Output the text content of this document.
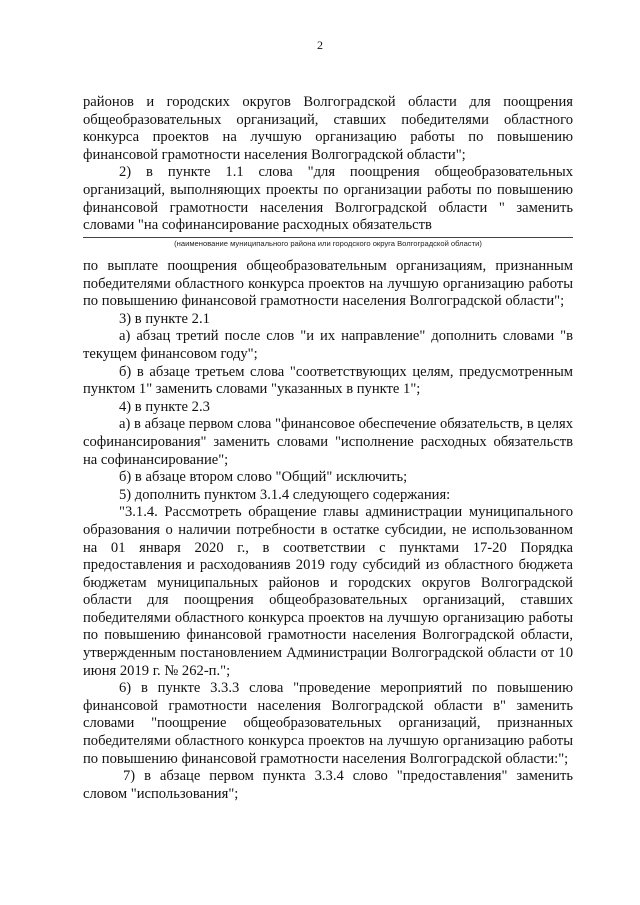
2

районов и городских округов Волгоградской области для поощрения общеобразовательных организаций, ставших победителями областного конкурса проектов на лучшую организацию работы по повышению финансовой грамотности населения Волгоградской области";

2) в пункте 1.1 слова "для поощрения общеобразовательных организаций, выполняющих проекты по организации работы по повышению финансовой грамотности населения Волгоградской области " заменить словами "на софинансирование расходных обязательств

(наименование муниципального района или городского округа Волгоградской области)

по выплате поощрения общеобразовательным организациям, признанным победителями областного конкурса проектов на лучшую организацию работы по повышению финансовой грамотности населения Волгоградской области";

3) в пункте 2.1

а) абзац третий после слов "и их направление" дополнить словами "в текущем финансовом году";

б) в абзаце третьем слова "соответствующих целям, предусмотренным пунктом 1" заменить словами "указанных в пункте 1";

4) в пункте 2.3

а) в абзаце первом слова "финансовое обеспечение обязательств, в целях софинансирования" заменить словами "исполнение расходных обязательств на софинансирование";

б) в абзаце втором слово "Общий" исключить;

5) дополнить пунктом 3.1.4 следующего содержания:

"3.1.4. Рассмотреть обращение главы администрации муниципального образования о наличии потребности в остатке субсидии, не использованном на 01 января 2020 г., в соответствии с пунктами 17-20 Порядка предоставления и расходованияв 2019 году субсидий из областного бюджета бюджетам муниципальных районов и городских округов Волгоградской области для поощрения общеобразовательных организаций, ставших победителями областного конкурса проектов на лучшую организацию работы по повышению финансовой грамотности населения Волгоградской области, утвержденным постановлением Администрации Волгоградской области от 10 июня 2019 г. № 262-п.";

6) в пункте 3.3.3 слова "проведение мероприятий по повышению финансовой грамотности населения Волгоградской области в" заменить словами "поощрение общеобразовательных организаций, признанных победителями областного конкурса проектов на лучшую организацию работы по повышению финансовой грамотности населения Волгоградской области:";

7) в абзаце первом пункта 3.3.4 слово "предоставления" заменить словом "использования";
